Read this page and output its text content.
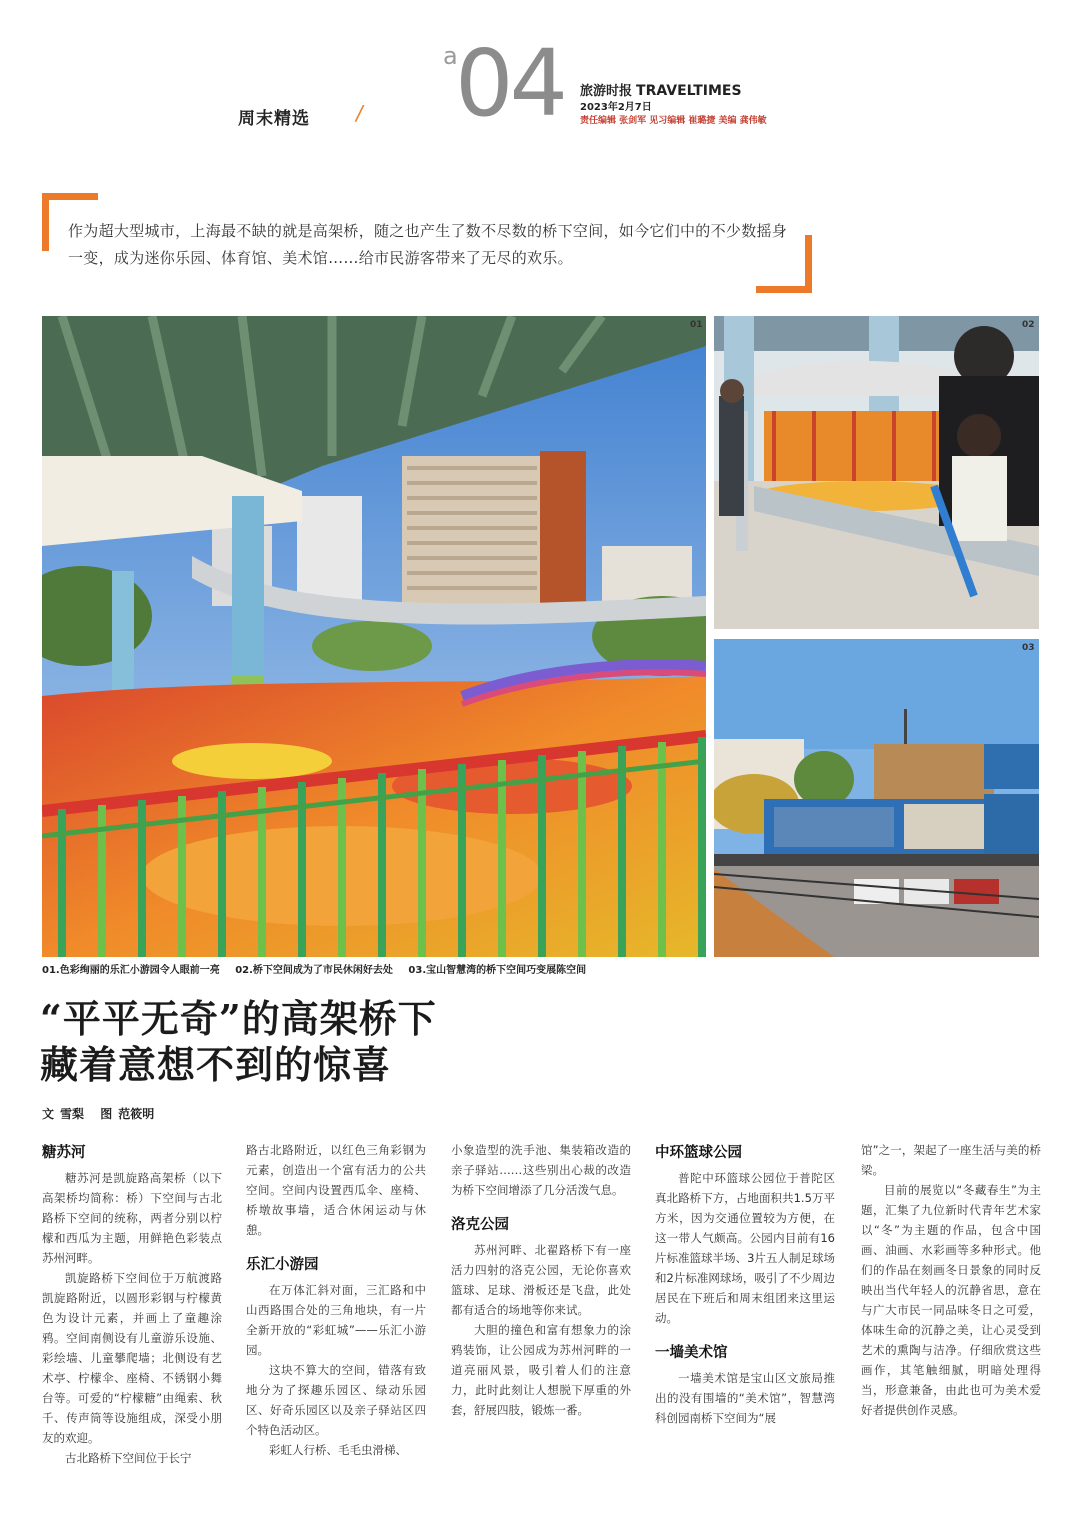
周末精选 /
a
04 旅游时报 TRAVELTIMES
2023年2月7日
责任编辑 张剑军 见习编辑 崔璐捷 美编 龚伟敏
作为超大型城市，上海最不缺的就是高架桥，随之也产生了数不尽数的桥下空间，如今它们中的不少数摇身一变，成为迷你乐园、体育馆、美术馆……给市民游客带来了无尽的欢乐。
01	02
03
01.色彩绚丽的乐汇小游园令人眼前一亮 02.桥下空间成为了市民休闲好去处 03.宝山智慧湾的桥下空间巧变展陈空间
“平平无奇”的高架桥下
藏着意想不到的惊喜
文 雪梨 图 范筱明
糖苏河

糖苏河是凯旋路高架桥（以下高架桥均简称：桥）下空间与古北路桥下空间的统称，两者分别以柠檬和西瓜为主题，用鲜艳色彩装点苏州河畔。

凯旋路桥下空间位于万航渡路凯旋路附近，以圆形彩钢与柠檬黄色为设计元素，并画上了童趣涂鸦。空间南侧设有儿童游乐设施、彩绘墙、儿童攀爬墙；北侧设有艺术亭、柠檬伞、座椅、不锈钢小舞台等。可爱的“柠檬糖”由绳索、秋千、传声筒等设施组成，深受小朋友的欢迎。

古北路桥下空间位于长宁

路古北路附近，以红色三角彩钢为元素，创造出一个富有活力的公共空间。空间内设置西瓜伞、座椅、桥墩故事墙，适合休闲运动与休憩。

乐汇小游园

在万体汇斜对面，三汇路和中山西路围合处的三角地块，有一片全新开放的“彩虹城”——乐汇小游园。

这块不算大的空间，错落有致地分为了探趣乐园区、绿动乐园区、好奇乐园区以及亲子驿站区四个特色活动区。

彩虹人行桥、毛毛虫滑梯、

小象造型的洗手池、集装箱改造的亲子驿站……这些别出心裁的改造为桥下空间增添了几分活泼气息。

洛克公园

苏州河畔、北翟路桥下有一座活力四射的洛克公园，无论你喜欢篮球、足球、滑板还是飞盘，此处都有适合的场地等你来试。

大胆的撞色和富有想象力的涂鸦装饰，让公园成为苏州河畔的一道亮丽风景，吸引着人们的注意力，此时此刻让人想脱下厚重的外套，舒展四肢，锻炼一番。

中环篮球公园

普陀中环篮球公园位于普陀区真北路桥下方，占地面积共1.5万平方米，因为交通位置较为方便，在这一带人气颇高。公园内目前有16片标准篮球半场、3片五人制足球场和2片标准网球场，吸引了不少周边居民在下班后和周末组团来这里运动。

一墙美术馆

一墙美术馆是宝山区文旅局推出的没有围墙的“美术馆”，智慧湾科创园南桥下空间为“展

馆”之一，架起了一座生活与美的桥梁。

目前的展览以“冬藏春生”为主题，汇集了九位新时代青年艺术家以“冬”为主题的作品，包含中国画、油画、水彩画等多种形式。他们的作品在刻画冬日景象的同时反映出当代年轻人的沉静省思，意在与广大市民一同品味冬日之可爱，体味生命的沉静之美，让心灵受到艺术的熏陶与洁净。仔细欣赏这些画作，其笔触细腻，明暗处理得当，形意兼备，由此也可为美术爱好者提供创作灵感。
